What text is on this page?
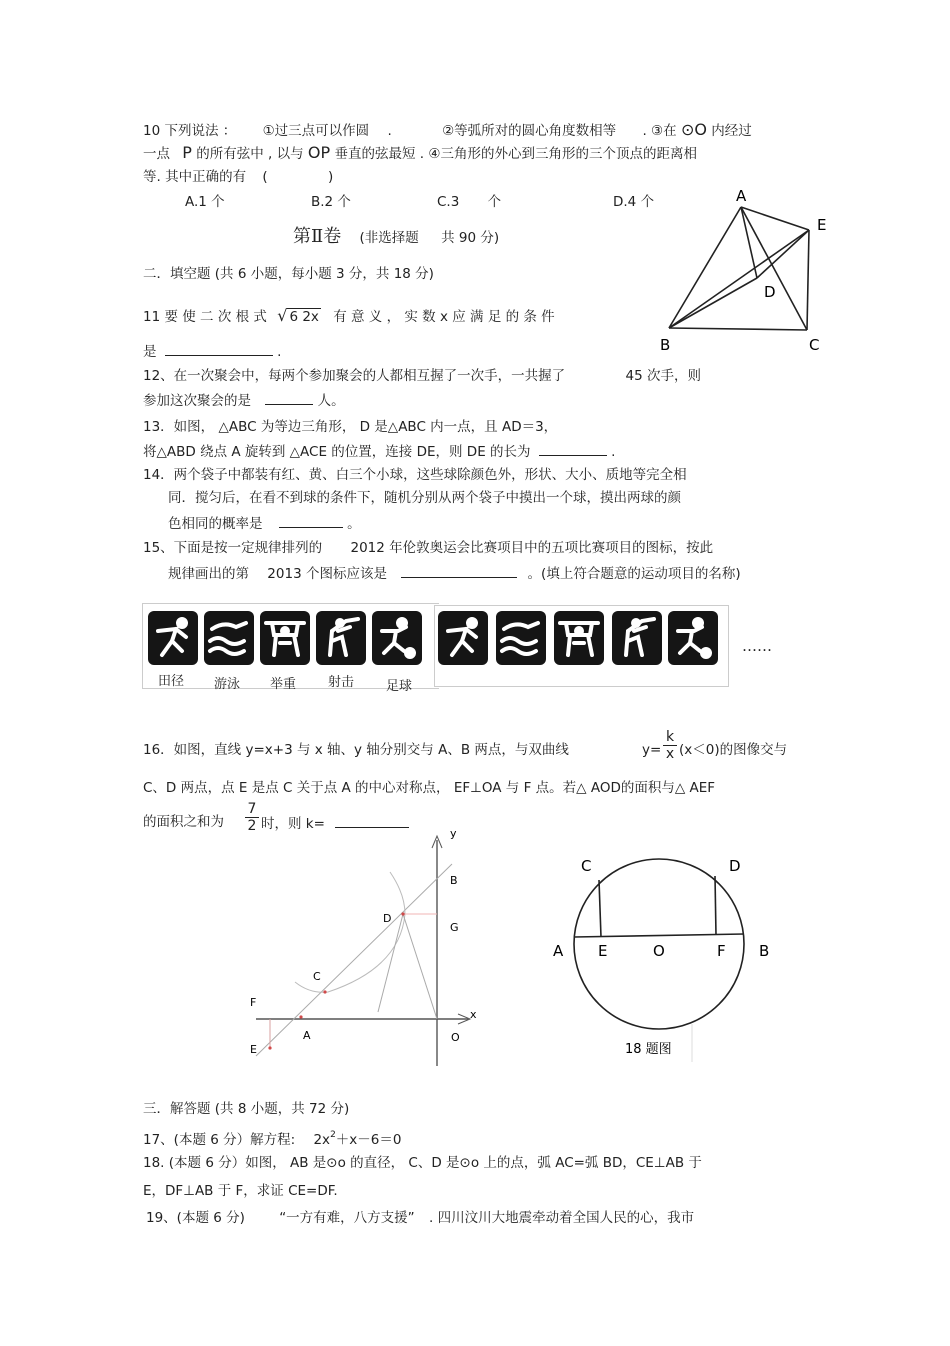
10 下列说法 ： ①过三点可以作圆 .	②等弧所对的圆心角度数相等 . ③在 ⊙O 内经过
一点 P 的所有弦中 , 以与 OP 垂直的弦最短 . ④三角形的外心到三角形的三个顶点的距离相
等. 其中正确的有 (	)
A.1 个	B.2 个	C.3 个	D.4 个	A
E
D
B	C
第Ⅱ卷 (非选择题 共 90 分)
二．填空题 (共 6 小题，每小题 3 分，共 18 分)
11 要 使 二 次 根 式 √ 6 2x 有 意 义 ， 实 数 x 应 满 足 的 条 件
是	.
12、在一次聚会中，每两个参加聚会的人都相互握了一次手，一共握了	45 次手，则
参加这次聚会的是	人。
13．如图， △ABC 为等边三角形， D 是△ABC 内一点，且 AD＝3，
将△ABD 绕点 A 旋转到 △ACE 的位置，连接 DE，则 DE 的长为	.
14．两个袋子中都装有红、黄、白三个小球，这些球除颜色外，形状、大小、质地等完全相
同．搅匀后，在看不到球的条件下，随机分别从两个袋子中摸出一个球，摸出两球的颜
色相同的概率是	。
15、下面是按一定规律排列的 2012 年伦敦奥运会比赛项目中的五项比赛项目的图标，按此
规律画出的第 2013 个图标应该是	。(填上符合题意的运动项目的名称)
田径 游泳 举重 射击 足球
……
16．如图，直线 y=x+3 与 x 轴、y 轴分别交与 A、B 两点，与双曲线	$y= \frac{k}{x} (x<0)$的图像交与
C、D 两点，点 E 是点 C 关于点 A 的中心对称点， EF⊥OA 与 F 点。若△ AOD的面积与△ AEF
的面积之和为 $\frac{7}{2}$ 时，则 k=
y
x
B
G
D
C
F
A
E
O
C	D
A E	O	F B
18 题图
三．解答题 (共 8 小题，共 72 分)
17、(本题 6 分）解方程: $2x^2+x-6=0$
18. (本题 6 分）如图， AB 是⊙o 的直径， C、D 是⊙o 上的点，弧 AC=弧 BD，CE⊥AB 于
E，DF⊥AB 于 F，求证 CE=DF.
19、(本题 6 分)	“一方有难，八方支援” . 四川汶川大地震牵动着全国人民的心，我市
